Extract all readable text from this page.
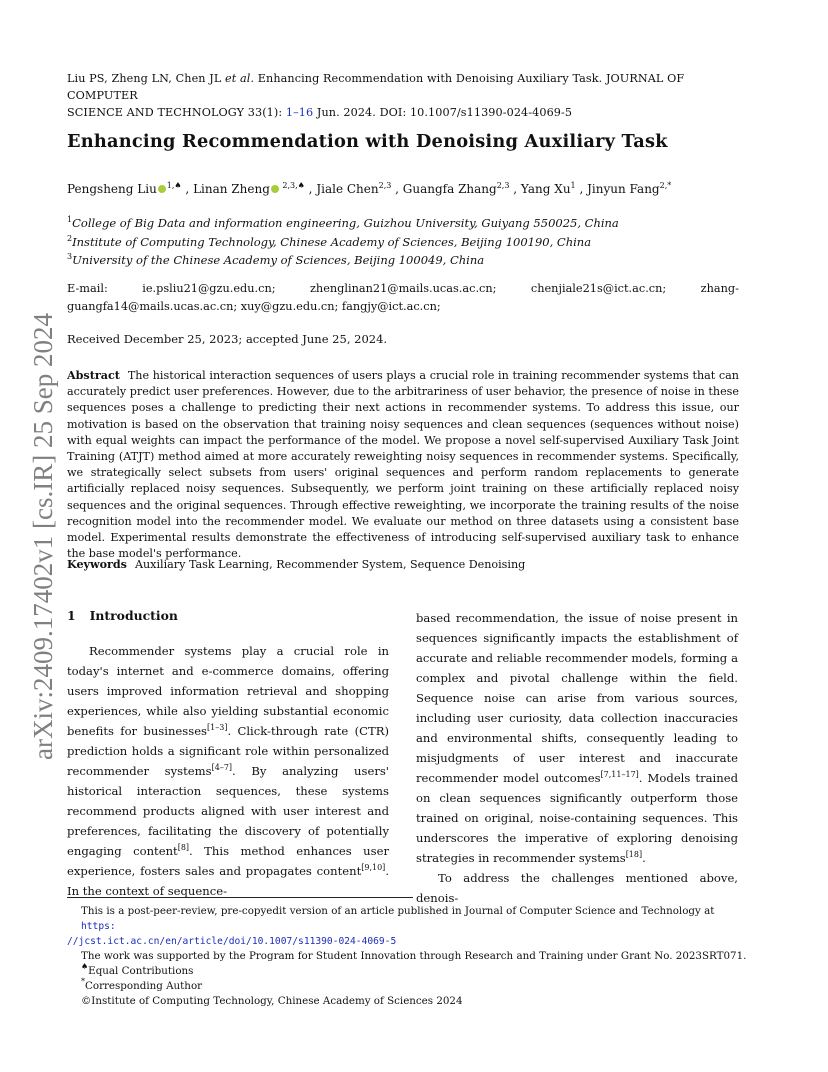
arXiv:2409.17402v1 [cs.IR] 25 Sep 2024
Liu PS, Zheng LN, Chen JL et al. Enhancing Recommendation with Denoising Auxiliary Task. JOURNAL OF COMPUTER
SCIENCE AND TECHNOLOGY 33(1): 1–16 Jun. 2024. DOI: 10.1007/s11390-024-4069-5
Enhancing Recommendation with Denoising Auxiliary Task
Pengsheng Liu $^{1,♠}$ , Linan Zheng $^{2,3,♠}$ , Jiale Chen$^{2,3}$ , Guangfa Zhang$^{2,3}$ , Yang Xu$^1$ , Jinyun Fang$^{2,*}$
$^1$College of Big Data and information engineering, Guizhou University, Guiyang 550025, China
$^2$Institute of Computing Technology, Chinese Academy of Sciences, Beijing 100190, China
$^3$University of the Chinese Academy of Sciences, Beijing 100049, China
E-mail:	ie.psliu21@gzu.edu.cn;	zhenglinan21@mails.ucas.ac.cn;	chenjiale21s@ict.ac.cn;	zhang-
guangfa14@mails.ucas.ac.cn; xuy@gzu.edu.cn; fangjy@ict.ac.cn;
Received December 25, 2023; accepted June 25, 2024.
Abstract The historical interaction sequences of users plays a crucial role in training recommender systems that can accurately predict user preferences. However, due to the arbitrariness of user behavior, the presence of noise in these sequences poses a challenge to predicting their next actions in recommender systems. To address this issue, our motivation is based on the observation that training noisy sequences and clean sequences (sequences without noise) with equal weights can impact the performance of the model. We propose a novel self-supervised Auxiliary Task Joint Training (ATJT) method aimed at more accurately reweighting noisy sequences in recommender systems. Specifically, we strategically select subsets from users' original sequences and perform random replacements to generate artificially replaced noisy sequences. Subsequently, we perform joint training on these artificially replaced noisy sequences and the original sequences. Through effective reweighting, we incorporate the training results of the noise recognition model into the recommender model. We evaluate our method on three datasets using a consistent base model. Experimental results demonstrate the effectiveness of introducing self-supervised auxiliary task to enhance the base model's performance.
Keywords Auxiliary Task Learning, Recommender System, Sequence Denoising
1 Introduction

Recommender systems play a crucial role in today's internet and e-commerce domains, offering users improved information retrieval and shopping experiences, while also yielding substantial economic benefits for businesses[1–3]. Click-through rate (CTR) prediction holds a significant role within personalized recommender systems[4–7]. By analyzing users' historical interaction sequences, these systems recommend products aligned with user interest and preferences, facilitating the discovery of potentially engaging content[8]. This method enhances user experience, fosters sales and propagates content[9,10]. In the context of sequence-

based recommendation, the issue of noise present in sequences significantly impacts the establishment of accurate and reliable recommender models, forming a complex and pivotal challenge within the field. Sequence noise can arise from various sources, including user curiosity, data collection inaccuracies and environmental shifts, consequently leading to misjudgments of user interest and inaccurate recommender model outcomes[7,11–17]. Models trained on clean sequences significantly outperform those trained on original, noise-containing sequences. This underscores the imperative of exploring denoising strategies in recommender systems[18].

To address the challenges mentioned above, denois-

This is a post-peer-review, pre-copyedit version of an article published in Journal of Computer Science and Technology at https:
//jcst.ict.ac.cn/en/article/doi/10.1007/s11390-024-4069-5
The work was supported by the Program for Student Innovation through Research and Training under Grant No. 2023SRT071.
♠Equal Contributions
*Corresponding Author
©Institute of Computing Technology, Chinese Academy of Sciences 2024
